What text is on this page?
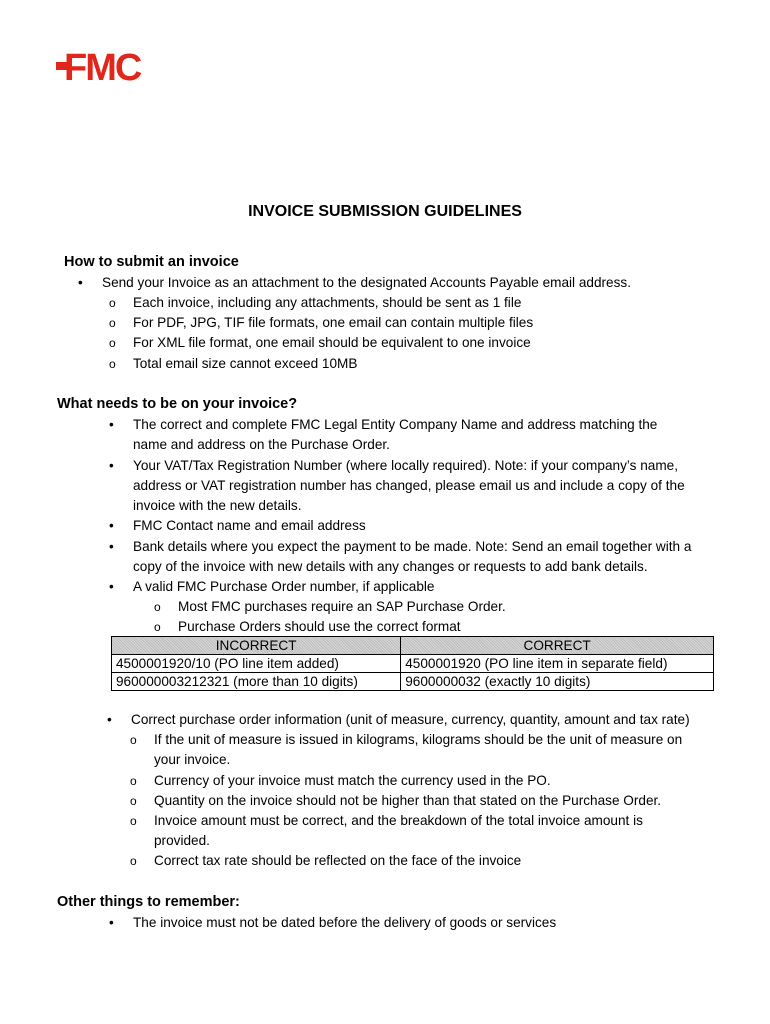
FMC
INVOICE SUBMISSION GUIDELINES
How to submit an invoice
• Send your Invoice as an attachment to the designated Accounts Payable email address.
o Each invoice, including any attachments, should be sent as 1 file
o For PDF, JPG, TIF file formats, one email can contain multiple files
o For XML file format, one email should be equivalent to one invoice
o Total email size cannot exceed 10MB
What needs to be on your invoice?
• The correct and complete FMC Legal Entity Company Name and address matching the
name and address on the Purchase Order.
• Your VAT/Tax Registration Number (where locally required). Note: if your company’s name,
address or VAT registration number has changed, please email us and include a copy of the
invoice with the new details.
• FMC Contact name and email address
• Bank details where you expect the payment to be made. Note: Send an email together with a
copy of the invoice with new details with any changes or requests to add bank details.
• A valid FMC Purchase Order number, if applicable
o Most FMC purchases require an SAP Purchase Order.
o Purchase Orders should use the correct format
INCORRECT	CORRECT
4500001920/10 (PO line item added)	4500001920 (PO line item in separate field)
960000003212321 (more than 10 digits)	9600000032 (exactly 10 digits)
• Correct purchase order information (unit of measure, currency, quantity, amount and tax rate)
o If the unit of measure is issued in kilograms, kilograms should be the unit of measure on
your invoice.
o Currency of your invoice must match the currency used in the PO.
o Quantity on the invoice should not be higher than that stated on the Purchase Order.
o Invoice amount must be correct, and the breakdown of the total invoice amount is
provided.
o Correct tax rate should be reflected on the face of the invoice
Other things to remember:
• The invoice must not be dated before the delivery of goods or services
